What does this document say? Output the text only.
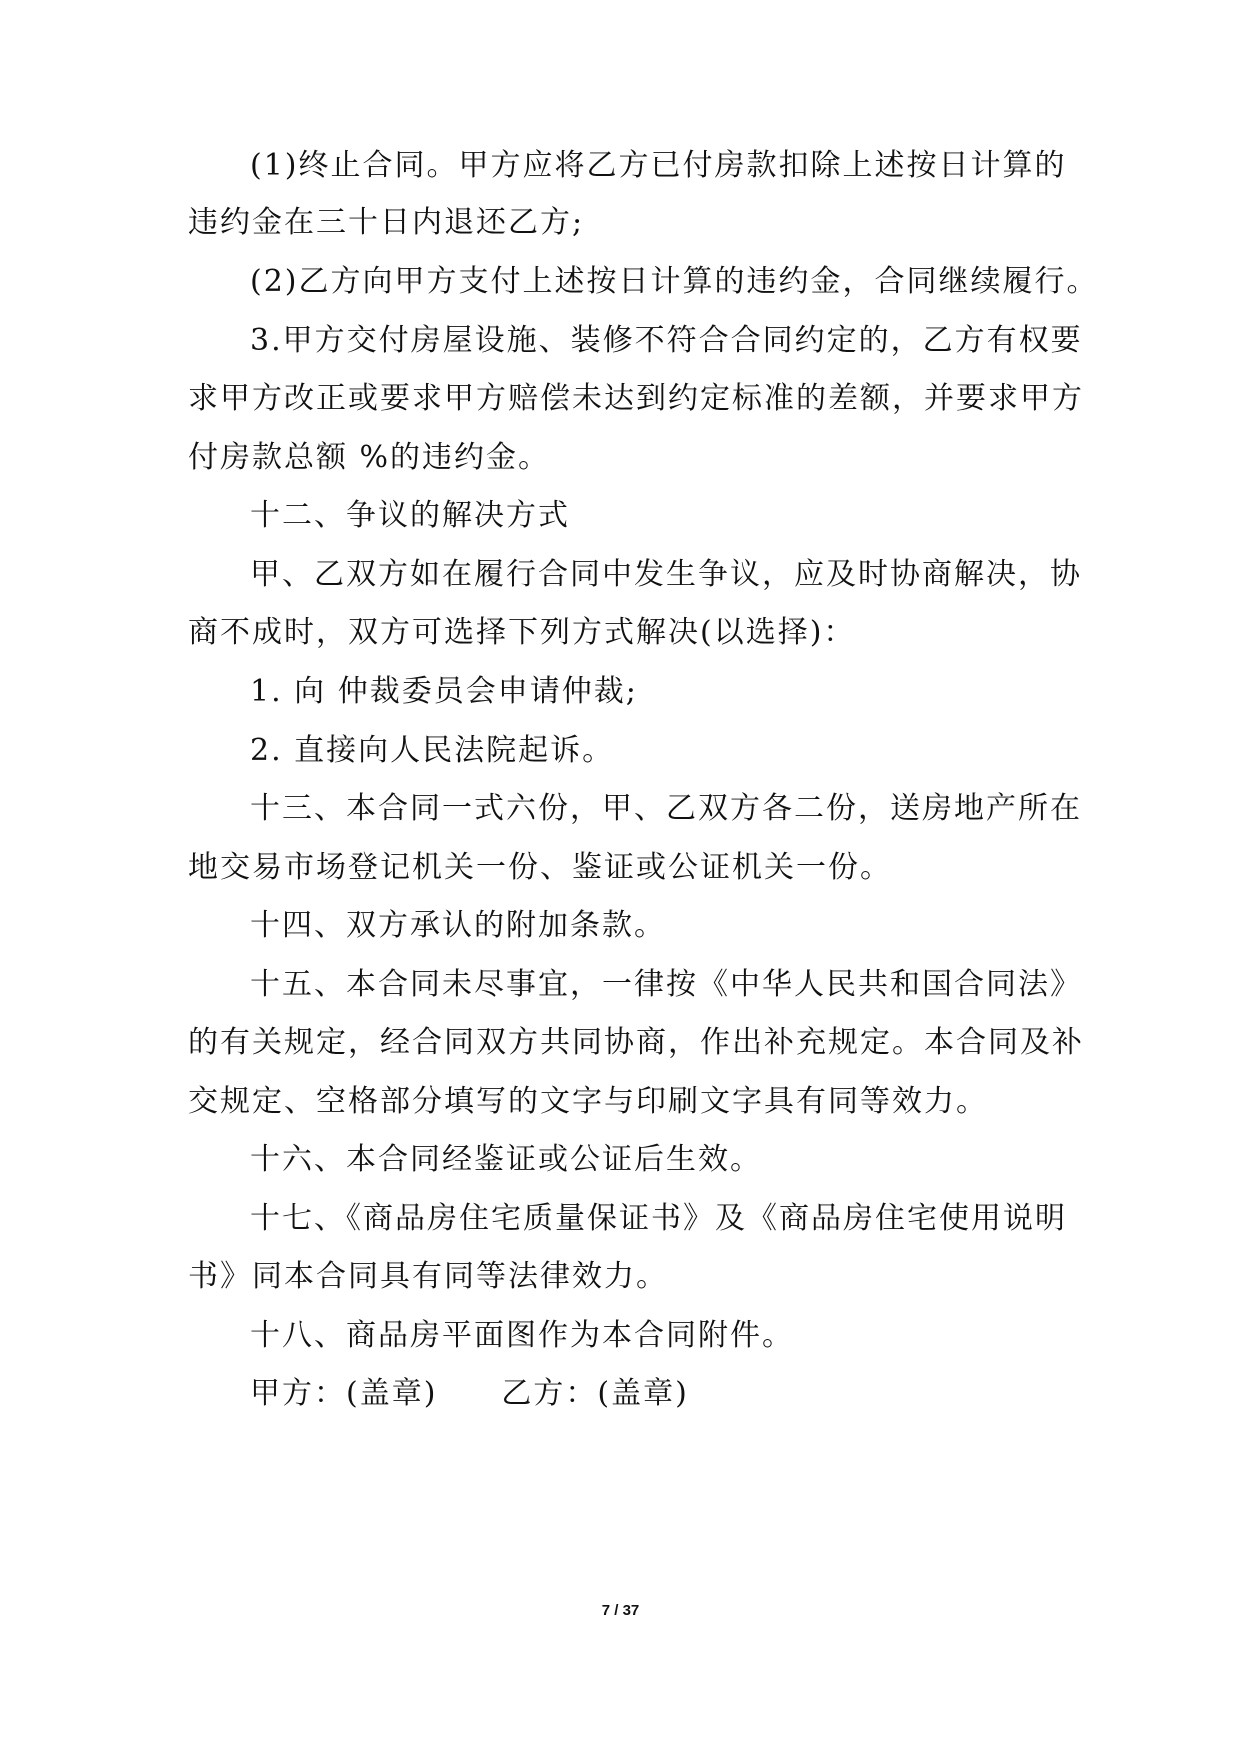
(1)终止合同。甲方应将乙方已付房款扣除上述按日计算的
违约金在三十日内退还乙方;
(2)乙方向甲方支付上述按日计算的违约金，合同继续履行。
3.甲方交付房屋设施、装修不符合合同约定的，乙方有权要
求甲方改正或要求甲方赔偿未达到约定标准的差额，并要求甲方
付房款总额 %的违约金。
十二、争议的解决方式
甲、乙双方如在履行合同中发生争议，应及时协商解决，协
商不成时，双方可选择下列方式解决(以选择)：
1. 向 仲裁委员会申请仲裁;
2. 直接向人民法院起诉。
十三、本合同一式六份，甲、乙双方各二份，送房地产所在
地交易市场登记机关一份、鉴证或公证机关一份。
十四、双方承认的附加条款。
十五、本合同未尽事宜，一律按《中华人民共和国合同法》
的有关规定，经合同双方共同协商，作出补充规定。本合同及补
交规定、空格部分填写的文字与印刷文字具有同等效力。
十六、本合同经鉴证或公证后生效。
十七、《商品房住宅质量保证书》及《商品房住宅使用说明
书》同本合同具有同等法律效力。
十八、商品房平面图作为本合同附件。
甲方：(盖章)　　乙方：(盖章)
7 / 37
